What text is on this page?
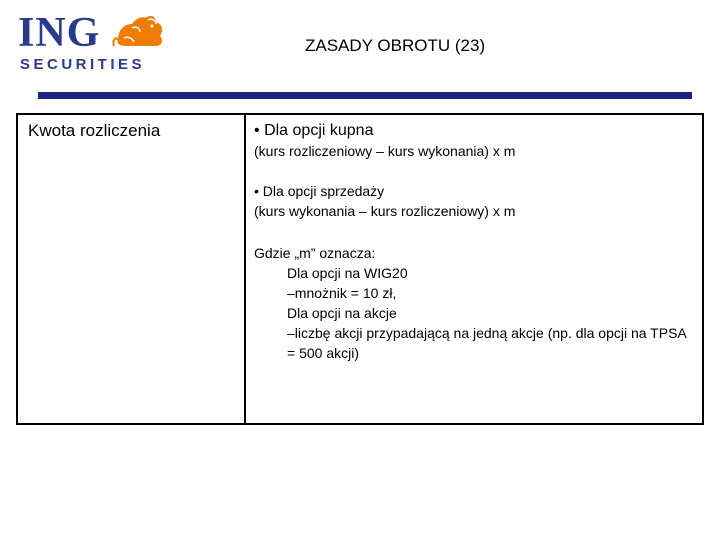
ING
SECURITIES
ZASADY OBROTU (23)
Kwota rozliczenia	• Dla opcji kupna
(kurs rozliczeniowy – kurs wykonania) x m
• Dla opcji sprzedaży
(kurs wykonania – kurs rozliczeniowy) x m
Gdzie „m” oznacza:
Dla opcji na WIG20
–mnożnik = 10 zł,
Dla opcji na akcje
–liczbę akcji przypadającą na jedną akcje (np. dla opcji na TPSA = 500 akcji)
